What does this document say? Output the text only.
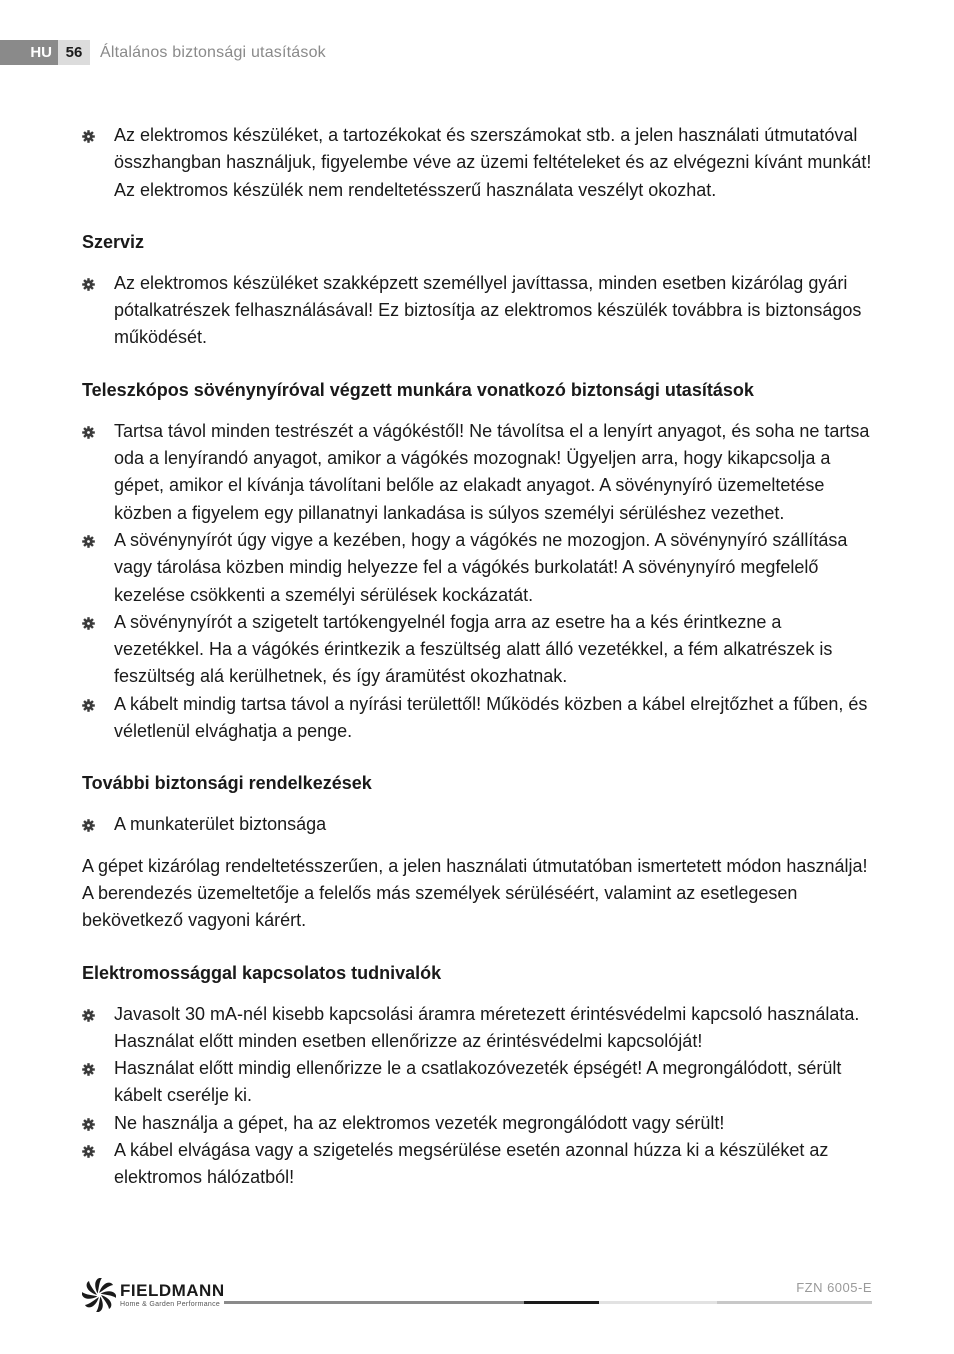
HU 56	Általános biztonsági utasítások
Az elektromos készüléket, a tartozékokat és szerszámokat stb. a jelen használati útmutatóval összhangban használjuk, figyelembe véve az üzemi feltételeket és az elvégezni kívánt munkát! Az elektromos készülék nem rendeltetésszerű használata veszélyt okozhat.
Szerviz
Az elektromos készüléket szakképzett személlyel javíttassa, minden esetben kizárólag gyári pótalkatrészek felhasználásával! Ez biztosítja az elektromos készülék továbbra is biztonságos működését.
Teleszkópos sövénynyíróval végzett munkára vonatkozó biztonsági utasítások
Tartsa távol minden testrészét a vágókéstől! Ne távolítsa el a lenyírt anyagot, és soha ne tartsa oda a lenyírandó anyagot, amikor a vágókés mozognak! Ügyeljen arra, hogy kikapcsolja a gépet, amikor el kívánja távolítani belőle az elakadt anyagot. A sövénynyíró üzemeltetése közben a figyelem egy pillanatnyi lankadása is súlyos személyi sérüléshez vezethet.
A sövénynyírót úgy vigye a kezében, hogy a vágókés ne mozogjon. A sövénynyíró szállítása vagy tárolása közben mindig helyezze fel a vágókés burkolatát! A sövénynyíró megfelelő kezelése csökkenti a személyi sérülések kockázatát.
A sövénynyírót a szigetelt tartókengyelnél fogja arra az esetre ha a kés érintkezne a vezetékkel. Ha a vágókés érintkezik a feszültség alatt álló vezetékkel, a fém alkatrészek is feszültség alá kerülhetnek, és így áramütést okozhatnak.
A kábelt mindig tartsa távol a nyírási területtől! Működés közben a kábel elrejtőzhet a fűben, és véletlenül elvághatja a penge.
További biztonsági rendelkezések
A munkaterület biztonsága

A gépet kizárólag rendeltetésszerűen, a jelen használati útmutatóban ismertetett módon használja! A berendezés üzemeltetője a felelős más személyek sérüléséért, valamint az esetlegesen bekövetkező vagyoni kárért.

Elektromossággal kapcsolatos tudnivalók
Javasolt 30 mA-nél kisebb kapcsolási áramra méretezett érintésvédelmi kapcsoló használata. Használat előtt minden esetben ellenőrizze az érintésvédelmi kapcsolóját!
Használat előtt mindig ellenőrizze le a csatlakozóvezeték épségét! A megrongálódott, sérült kábelt cserélje ki.
Ne használja a gépet, ha az elektromos vezeték megrongálódott vagy sérült!
A kábel elvágása vagy a szigetelés megsérülése esetén azonnal húzza ki a készüléket az elektromos hálózatból!
FIELDMANN
Home & Garden Performance
FZN 6005-E
